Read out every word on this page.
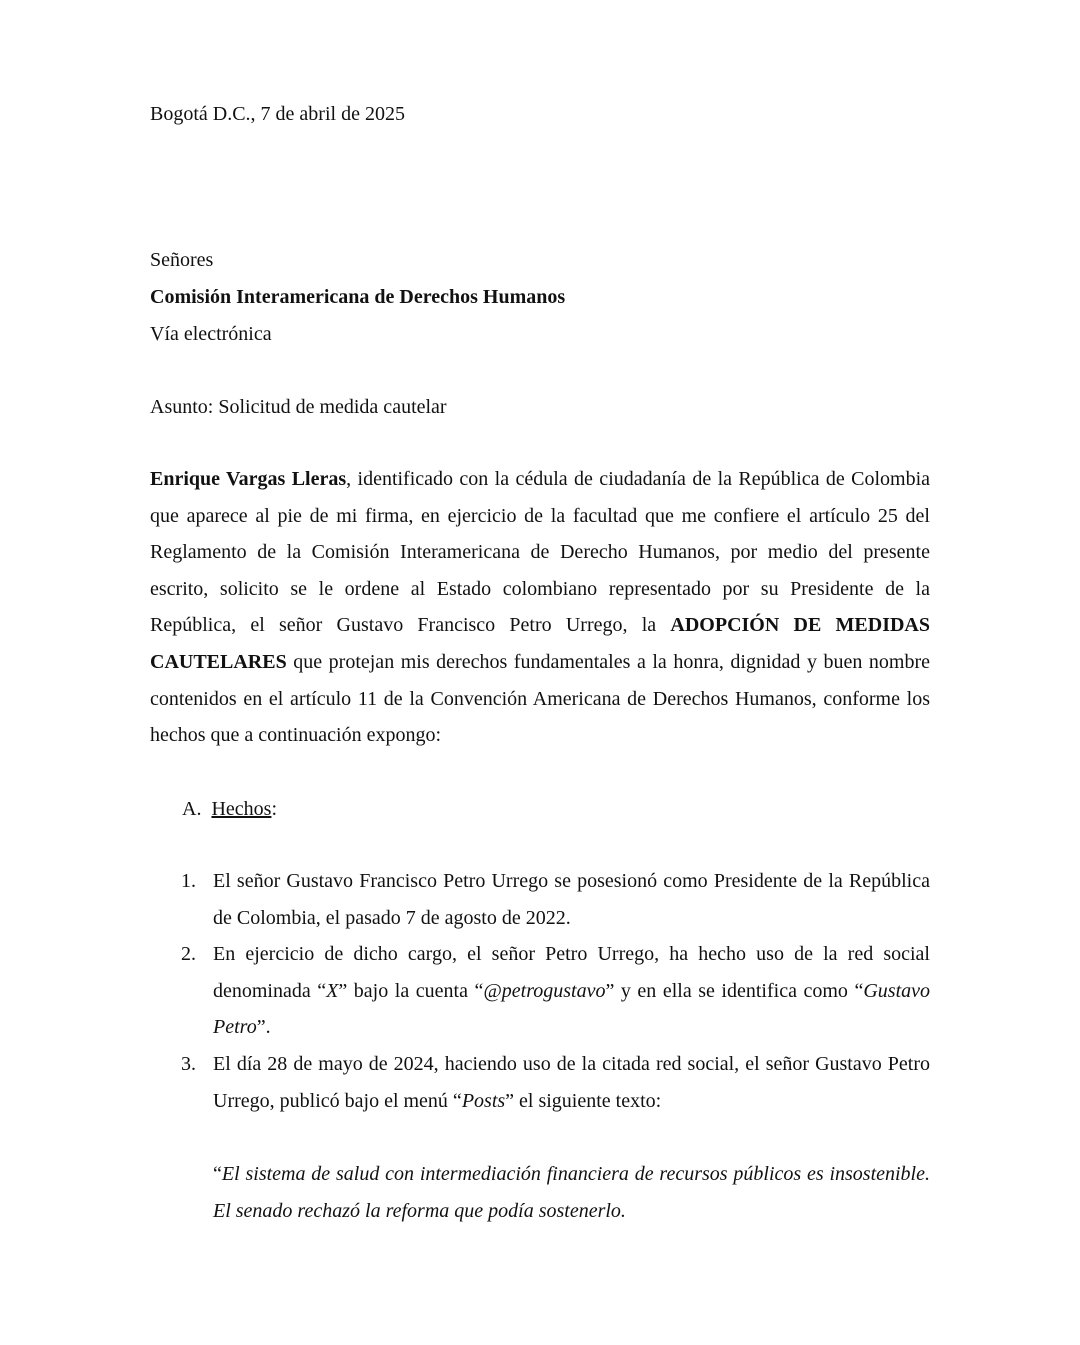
Bogotá D.C., 7 de abril de 2025
Señores
Comisión Interamericana de Derechos Humanos
Vía electrónica
Asunto: Solicitud de medida cautelar
Enrique Vargas Lleras, identificado con la cédula de ciudadanía de la República de Colombia que aparece al pie de mi firma, en ejercicio de la facultad que me confiere el artículo 25 del Reglamento de la Comisión Interamericana de Derecho Humanos, por medio del presente escrito, solicito se le ordene al Estado colombiano representado por su Presidente de la República, el señor Gustavo Francisco Petro Urrego, la ADOPCIÓN DE MEDIDAS CAUTELARES que protejan mis derechos fundamentales a la honra, dignidad y buen nombre contenidos en el artículo 11 de la Convención Americana de Derechos Humanos, conforme los hechos que a continuación expongo:
A. Hechos:
1. El señor Gustavo Francisco Petro Urrego se posesionó como Presidente de la República de Colombia, el pasado 7 de agosto de 2022.
2. En ejercicio de dicho cargo, el señor Petro Urrego, ha hecho uso de la red social denominada “X” bajo la cuenta “@petrogustavo” y en ella se identifica como “Gustavo Petro”.
3. El día 28 de mayo de 2024, haciendo uso de la citada red social, el señor Gustavo Petro Urrego, publicó bajo el menú “Posts” el siguiente texto:
“El sistema de salud con intermediación financiera de recursos públicos es insostenible. El senado rechazó la reforma que podía sostenerlo.
